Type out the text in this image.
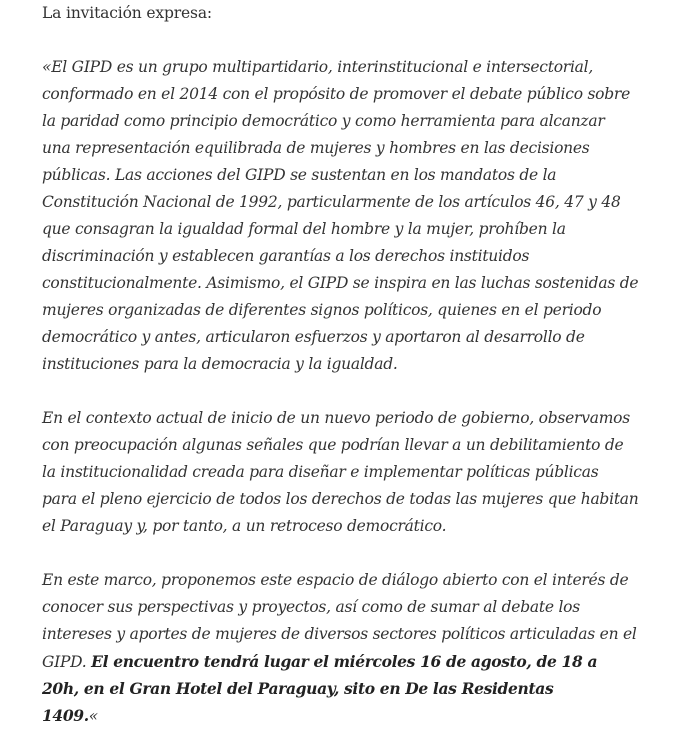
La invitación expresa:

«El GIPD es un grupo multipartidario, interinstitucional e intersectorial,
conformado en el 2014 con el propósito de promover el debate público sobre
la paridad como principio democrático y como herramienta para alcanzar
una representación equilibrada de mujeres y hombres en las decisiones
públicas. Las acciones del GIPD se sustentan en los mandatos de la
Constitución Nacional de 1992, particularmente de los artículos 46, 47 y 48
que consagran la igualdad formal del hombre y la mujer, prohíben la
discriminación y establecen garantías a los derechos instituidos
constitucionalmente. Asimismo, el GIPD se inspira en las luchas sostenidas de
mujeres organizadas de diferentes signos políticos, quienes en el periodo
democrático y antes, articularon esfuerzos y aportaron al desarrollo de
instituciones para la democracia y la igualdad.

En el contexto actual de inicio de un nuevo periodo de gobierno, observamos
con preocupación algunas señales que podrían llevar a un debilitamiento de
la institucionalidad creada para diseñar e implementar políticas públicas
para el pleno ejercicio de todos los derechos de todas las mujeres que habitan
el Paraguay y, por tanto, a un retroceso democrático.

En este marco, proponemos este espacio de diálogo abierto con el interés de
conocer sus perspectivas y proyectos, así como de sumar al debate los
intereses y aportes de mujeres de diversos sectores políticos articuladas en el
GIPD. El encuentro tendrá lugar el miércoles 16 de agosto, de 18 a
20h, en el Gran Hotel del Paraguay, sito en De las Residentas
1409.«
